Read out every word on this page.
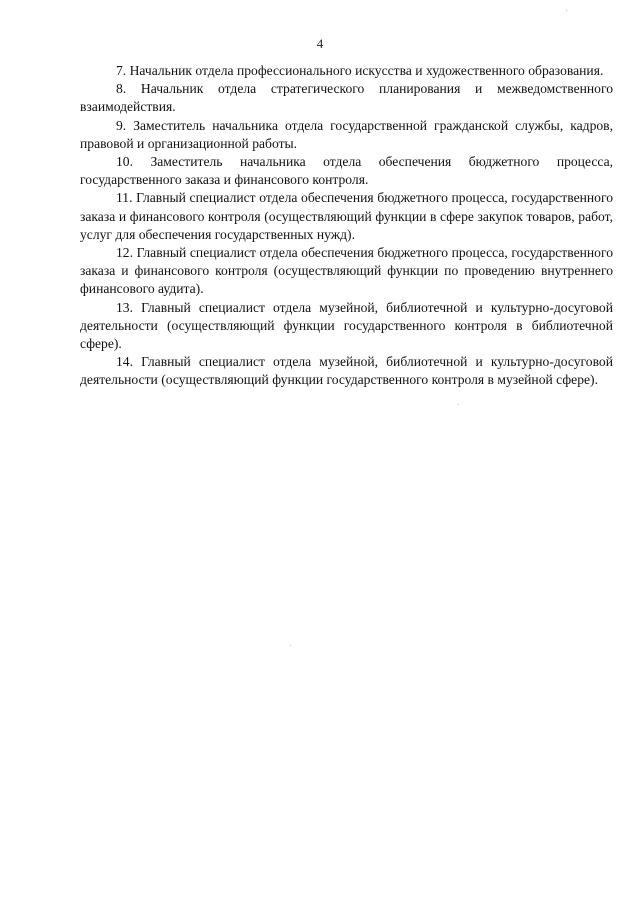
4

7. Начальник отдела профессионального искусства и художественного образования.

8. Начальник отдела стратегического планирования и межведомственного взаимодействия.

9. Заместитель начальника отдела государственной гражданской службы, кадров, правовой и организационной работы.

10. Заместитель начальника отдела обеспечения бюджетного процесса, государственного заказа и финансового контроля.

11. Главный специалист отдела обеспечения бюджетного процесса, государственного заказа и финансового контроля (осуществляющий функции в сфере закупок товаров, работ, услуг для обеспечения государственных нужд).

12. Главный специалист отдела обеспечения бюджетного процесса, государственного заказа и финансового контроля (осуществляющий функции по проведению внутреннего финансового аудита).

13. Главный специалист отдела музейной, библиотечной и культурно-досуговой деятельности (осуществляющий функции государственного контроля в библиотечной сфере).

14. Главный специалист отдела музейной, библиотечной и культурно-досуговой деятельности (осуществляющий функции государственного контроля в музейной сфере).
